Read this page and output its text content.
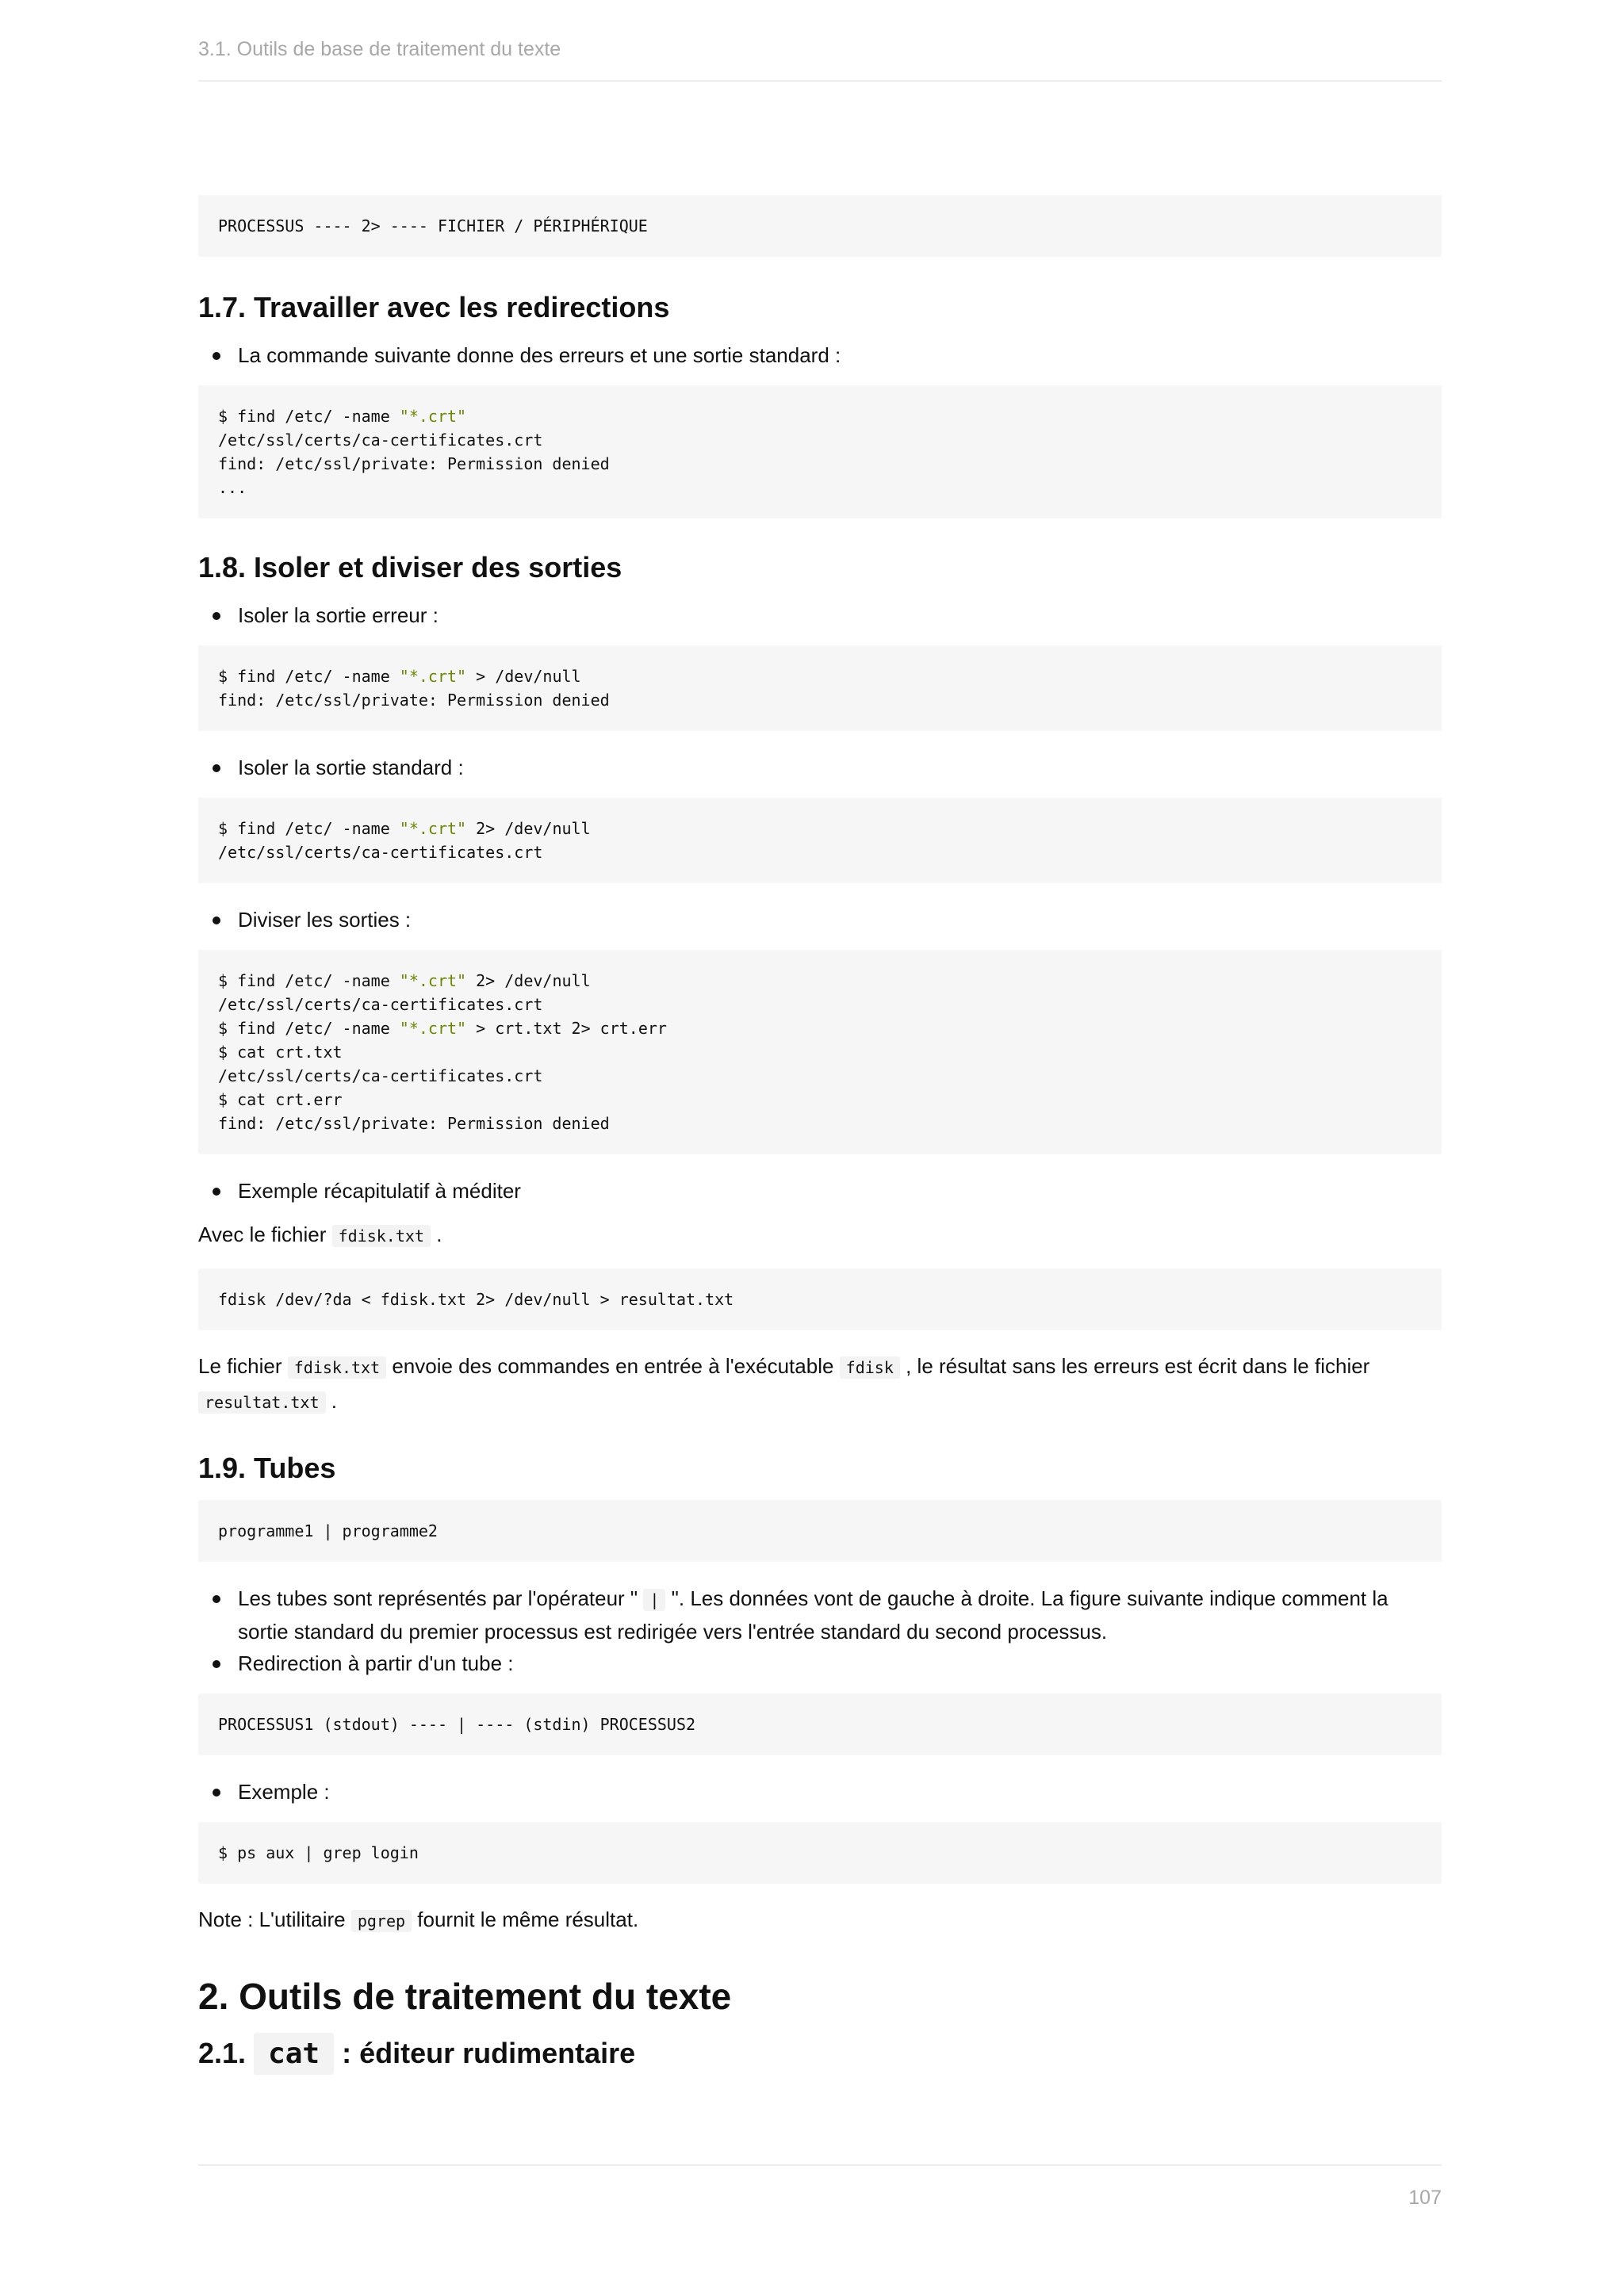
3.1. Outils de base de traitement du texte
PROCESSUS ---- 2> ---- FICHIER / PÉRIPHÉRIQUE
1.7. Travailler avec les redirections
La commande suivante donne des erreurs et une sortie standard :
$ find /etc/ -name "*.crt"
/etc/ssl/certs/ca-certificates.crt
find: /etc/ssl/private: Permission denied
...
1.8. Isoler et diviser des sorties
Isoler la sortie erreur :
$ find /etc/ -name "*.crt" > /dev/null
find: /etc/ssl/private: Permission denied
Isoler la sortie standard :
$ find /etc/ -name "*.crt" 2> /dev/null
/etc/ssl/certs/ca-certificates.crt
Diviser les sorties :
$ find /etc/ -name "*.crt" 2> /dev/null
/etc/ssl/certs/ca-certificates.crt
$ find /etc/ -name "*.crt" > crt.txt 2> crt.err
$ cat crt.txt
/etc/ssl/certs/ca-certificates.crt
$ cat crt.err
find: /etc/ssl/private: Permission denied
Exemple récapitulatif à méditer

Avec le fichier fdisk.txt .

fdisk /dev/?da < fdisk.txt 2> /dev/null > resultat.txt

Le fichier fdisk.txt envoie des commandes en entrée à l'exécutable fdisk , le résultat sans les erreurs est écrit dans le fichier resultat.txt .

1.9. Tubes
programme1 | programme2
Les tubes sont représentés par l'opérateur " | ". Les données vont de gauche à droite. La figure suivante indique comment la sortie standard du premier processus est redirigée vers l'entrée standard du second processus.
Redirection à partir d'un tube :
PROCESSUS1 (stdout) ---- | ---- (stdin) PROCESSUS2
Exemple :
$ ps aux | grep login

Note : L'utilitaire pgrep fournit le même résultat.

2. Outils de traitement du texte
2.1. cat : éditeur rudimentaire
107
